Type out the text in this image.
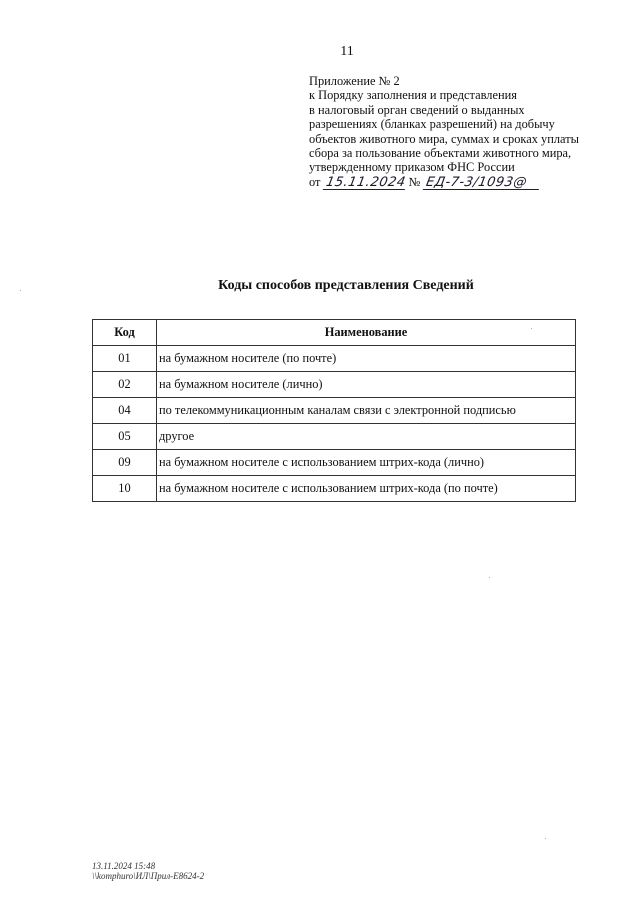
11
Приложение № 2
к Порядку заполнения и представления
в налоговый орган сведений о выданных
разрешениях (бланках разрешений) на добычу
объектов животного мира, суммах и сроках уплаты
сбора за пользование объектами животного мира,
утвержденному приказом ФНС России
от 15.11.2024 № ЕД-7-3/1093@
Коды способов представления Сведений
Код	Наименование
01	на бумажном носителе (по почте)
02	на бумажном носителе (лично)
04	по телекоммуникационным каналам связи с электронной подписью
05	другое
09	на бумажном носителе с использованием штрих-кода (лично)
10	на бумажном носителе с использованием штрих-кода (по почте)
13.11.2024 15:48
\\komphuro\ИЛ\Прил-Е8624-2
